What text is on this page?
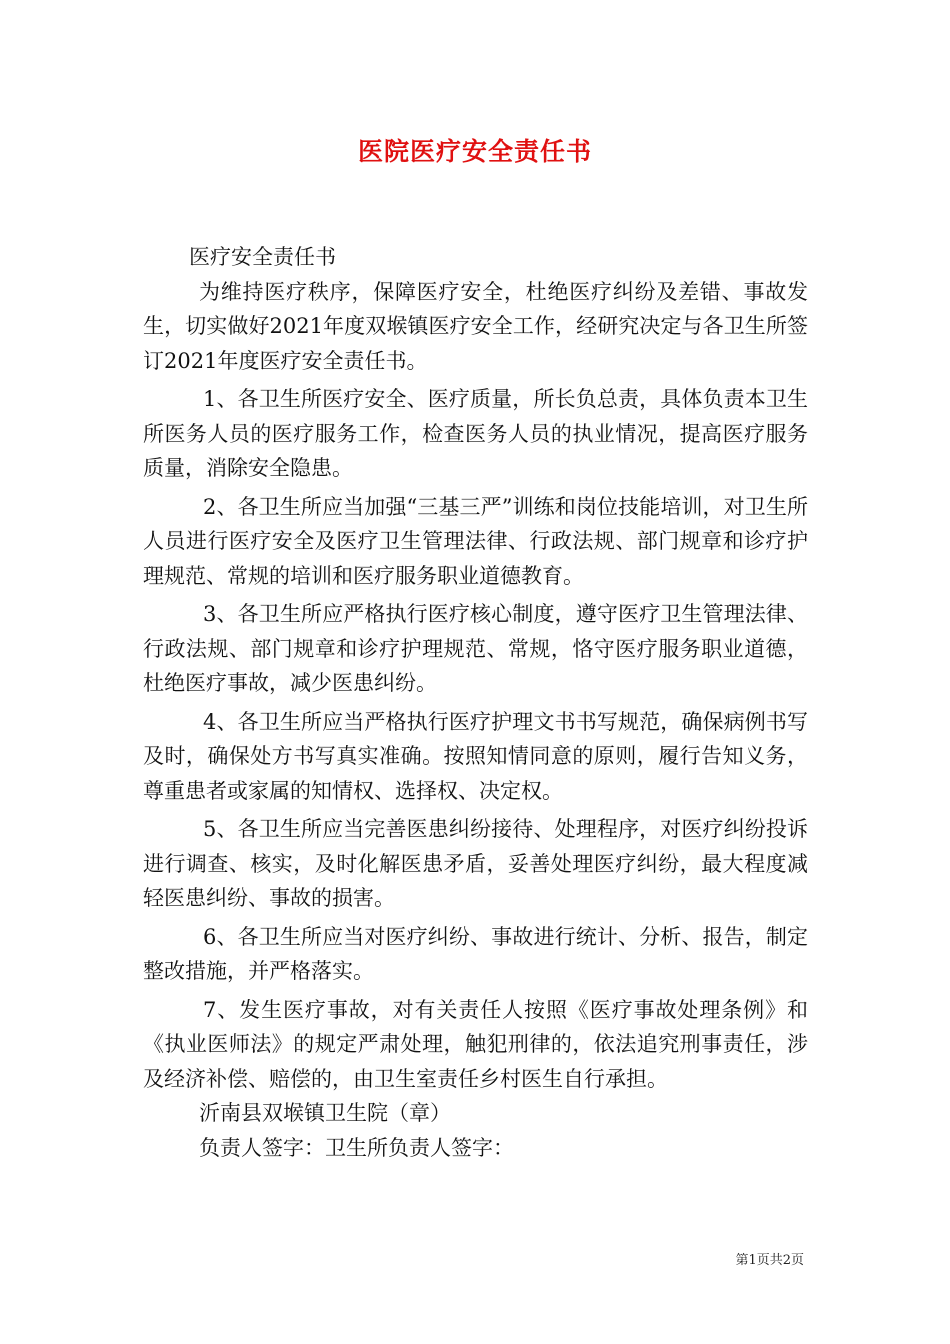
医院医疗安全责任书

医疗安全责任书

为维持医疗秩序，保障医疗安全，杜绝医疗纠纷及差错、事故发生，切实做好2021年度双堠镇医疗安全工作，经研究决定与各卫生所签订2021年度医疗安全责任书。

1、各卫生所医疗安全、医疗质量，所长负总责，具体负责本卫生所医务人员的医疗服务工作，检查医务人员的执业情况，提高医疗服务质量，消除安全隐患。

2、各卫生所应当加强“三基三严”训练和岗位技能培训，对卫生所人员进行医疗安全及医疗卫生管理法律、行政法规、部门规章和诊疗护理规范、常规的培训和医疗服务职业道德教育。

3、各卫生所应严格执行医疗核心制度，遵守医疗卫生管理法律、行政法规、部门规章和诊疗护理规范、常规，恪守医疗服务职业道德，杜绝医疗事故，减少医患纠纷。

4、各卫生所应当严格执行医疗护理文书书写规范，确保病例书写及时，确保处方书写真实准确。按照知情同意的原则，履行告知义务，尊重患者或家属的知情权、选择权、决定权。

5、各卫生所应当完善医患纠纷接待、处理程序，对医疗纠纷投诉进行调查、核实，及时化解医患矛盾，妥善处理医疗纠纷，最大程度减轻医患纠纷、事故的损害。

6、各卫生所应当对医疗纠纷、事故进行统计、分析、报告，制定整改措施，并严格落实。

7、发生医疗事故，对有关责任人按照《医疗事故处理条例》和《执业医师法》的规定严肃处理，触犯刑律的，依法追究刑事责任，涉及经济补偿、赔偿的，由卫生室责任乡村医生自行承担。

沂南县双堠镇卫生院（章）

负责人签字：卫生所负责人签字：

第1页共2页
